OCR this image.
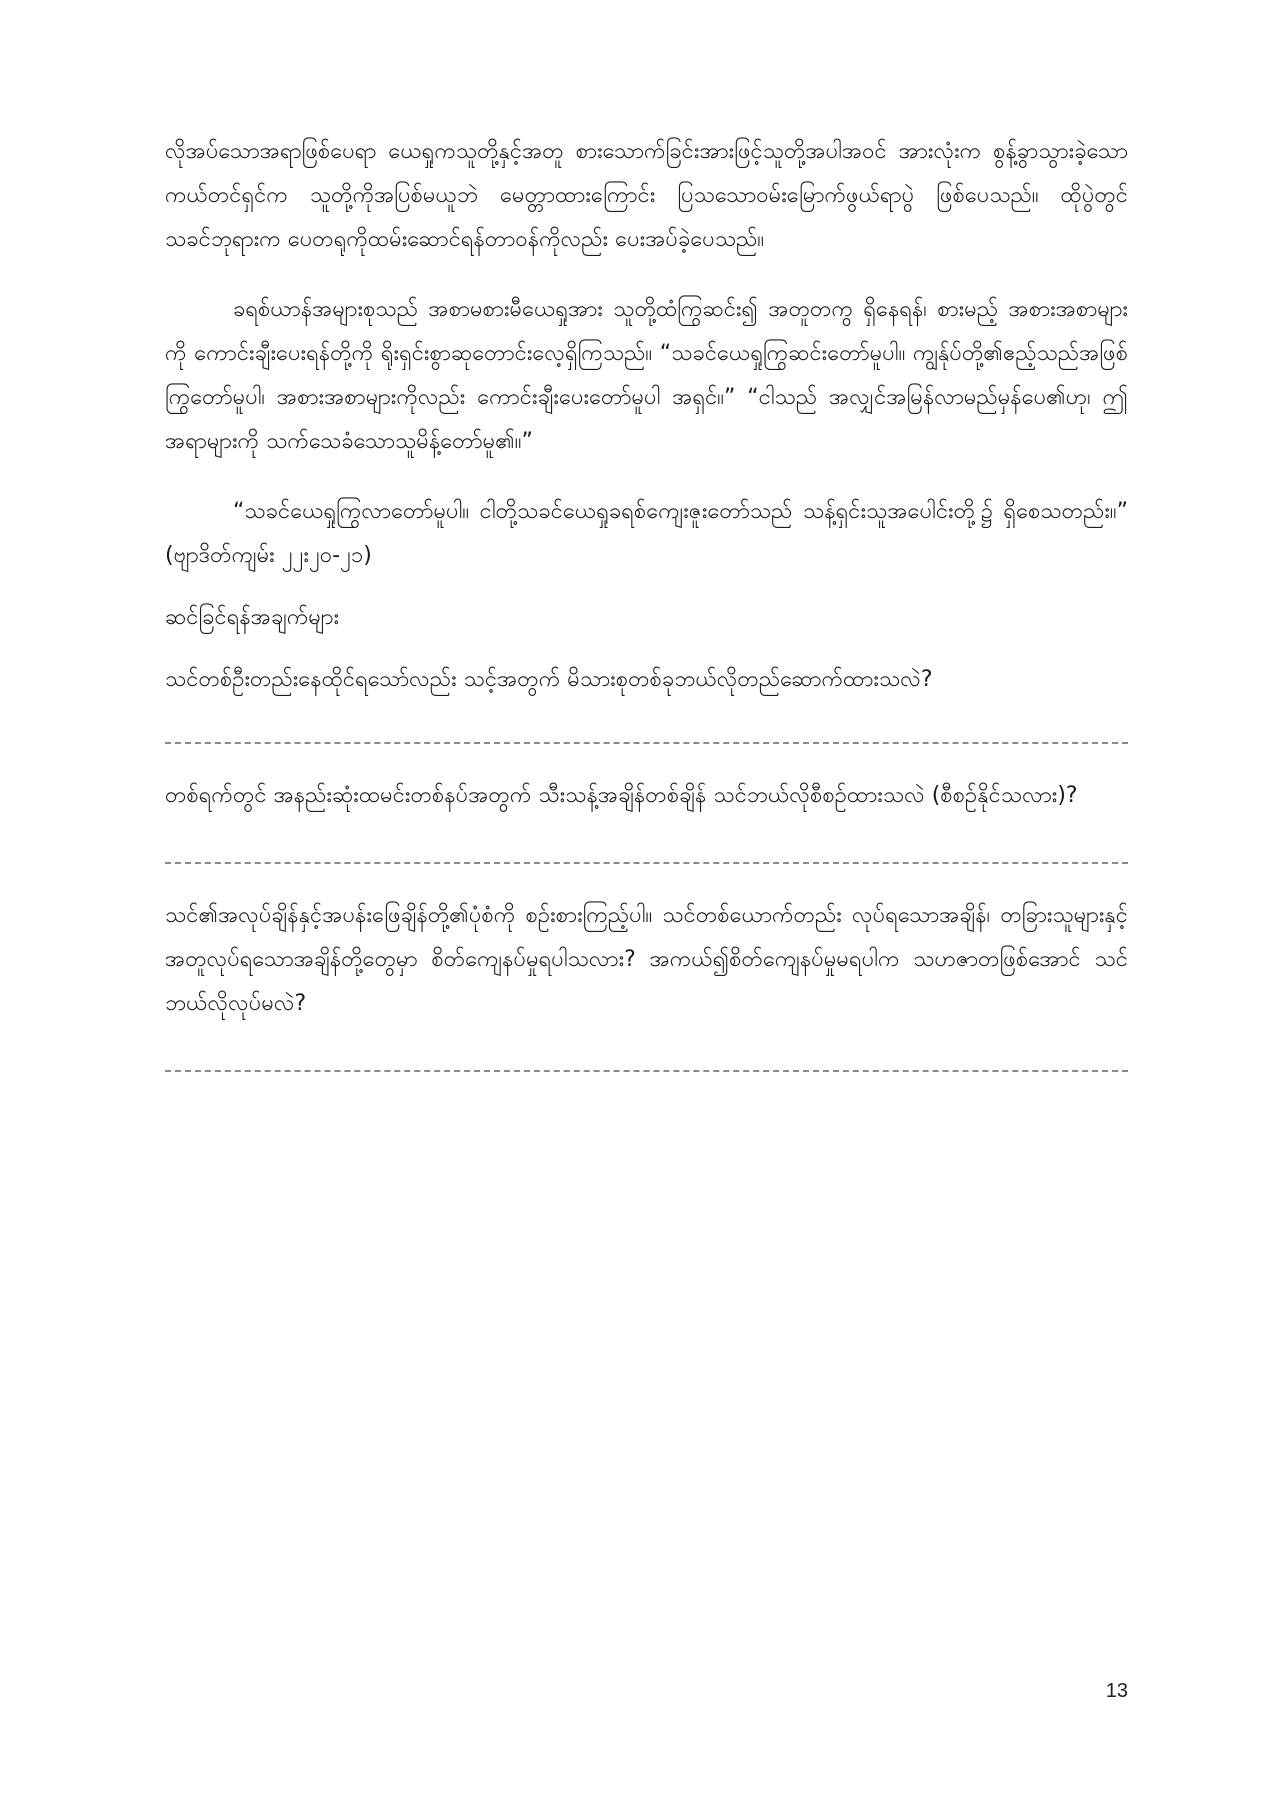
လိုအပ်သောအရာဖြစ်ပေရာ ယေရှုကသူတို့နှင့်အတူ စားသောက်ခြင်းအားဖြင့်သူတို့အပါအဝင် အားလုံးက စွန့်ခွာသွားခဲ့သော ကယ်တင်ရှင်က သူတို့ကိုအပြစ်မယူဘဲ မေတ္တာထားကြောင်း ပြသသောဝမ်းမြောက်ဖွယ်ရာပွဲ ဖြစ်ပေသည်။ ထိုပွဲတွင် သခင်ဘုရားက ပေတရုကိုထမ်းဆောင်ရန်တာဝန်ကိုလည်း ပေးအပ်ခဲ့ပေသည်။

ခရစ်ယာန်အများစုသည် အစာမစားမီယေရှုအား သူတို့ထံကြွဆင်း၍ အတူတကွ ရှိနေရန်၊ စားမည့် အစားအစာများကို ကောင်းချီးပေးရန်တို့ကို ရိုးရှင်းစွာဆုတောင်းလေ့ရှိကြသည်။ “သခင်ယေရှုကြွဆင်းတော်မူပါ။ ကျွန်ုပ်တို့၏ဧည့်သည်အဖြစ်ကြွတော်မူပါ၊ အစားအစာများကိုလည်း ကောင်းချီးပေးတော်မူပါ အရှင်။” “ငါသည် အလျှင်အမြန်လာမည်မှန်ပေ၏ဟု၊ ဤအရာများကို သက်သေခံသောသူမိန့်တော်မူ၏။”

“သခင်ယေရှုကြွလာတော်မူပါ။ ငါတို့သခင်ယေရှုခရစ်ကျေးဇူးတော်သည် သန့်ရှင်းသူအပေါင်းတို့၌ ရှိစေသတည်း။” (ဗျာဒိတ်ကျမ်း ၂၂း၂၀-၂၁)

ဆင်ခြင်ရန်အချက်များ

သင်တစ်ဦးတည်းနေထိုင်ရသော်လည်း သင့်အတွက် မိသားစုတစ်ခုဘယ်လိုတည်ဆောက်ထားသလဲ?

တစ်ရက်တွင် အနည်းဆုံးထမင်းတစ်နပ်အတွက် သီးသန့်အချိန်တစ်ချိန် သင်ဘယ်လိုစီစဉ်ထားသလဲ (စီစဉ်နိုင်သလား)?

သင်၏အလုပ်ချိန်နှင့်အပန်းဖြေချိန်တို့၏ပုံစံကို စဉ်းစားကြည့်ပါ။ သင်တစ်ယောက်တည်း လုပ်ရသောအချိန်၊ တခြားသူများနှင့်အတူလုပ်ရသောအချိန်တို့တွေမှာ စိတ်ကျေနပ်မှုရပါသလား? အကယ်၍စိတ်ကျေနပ်မှုမရပါက သဟဇာတဖြစ်အောင် သင်ဘယ်လိုလုပ်မလဲ?

13
